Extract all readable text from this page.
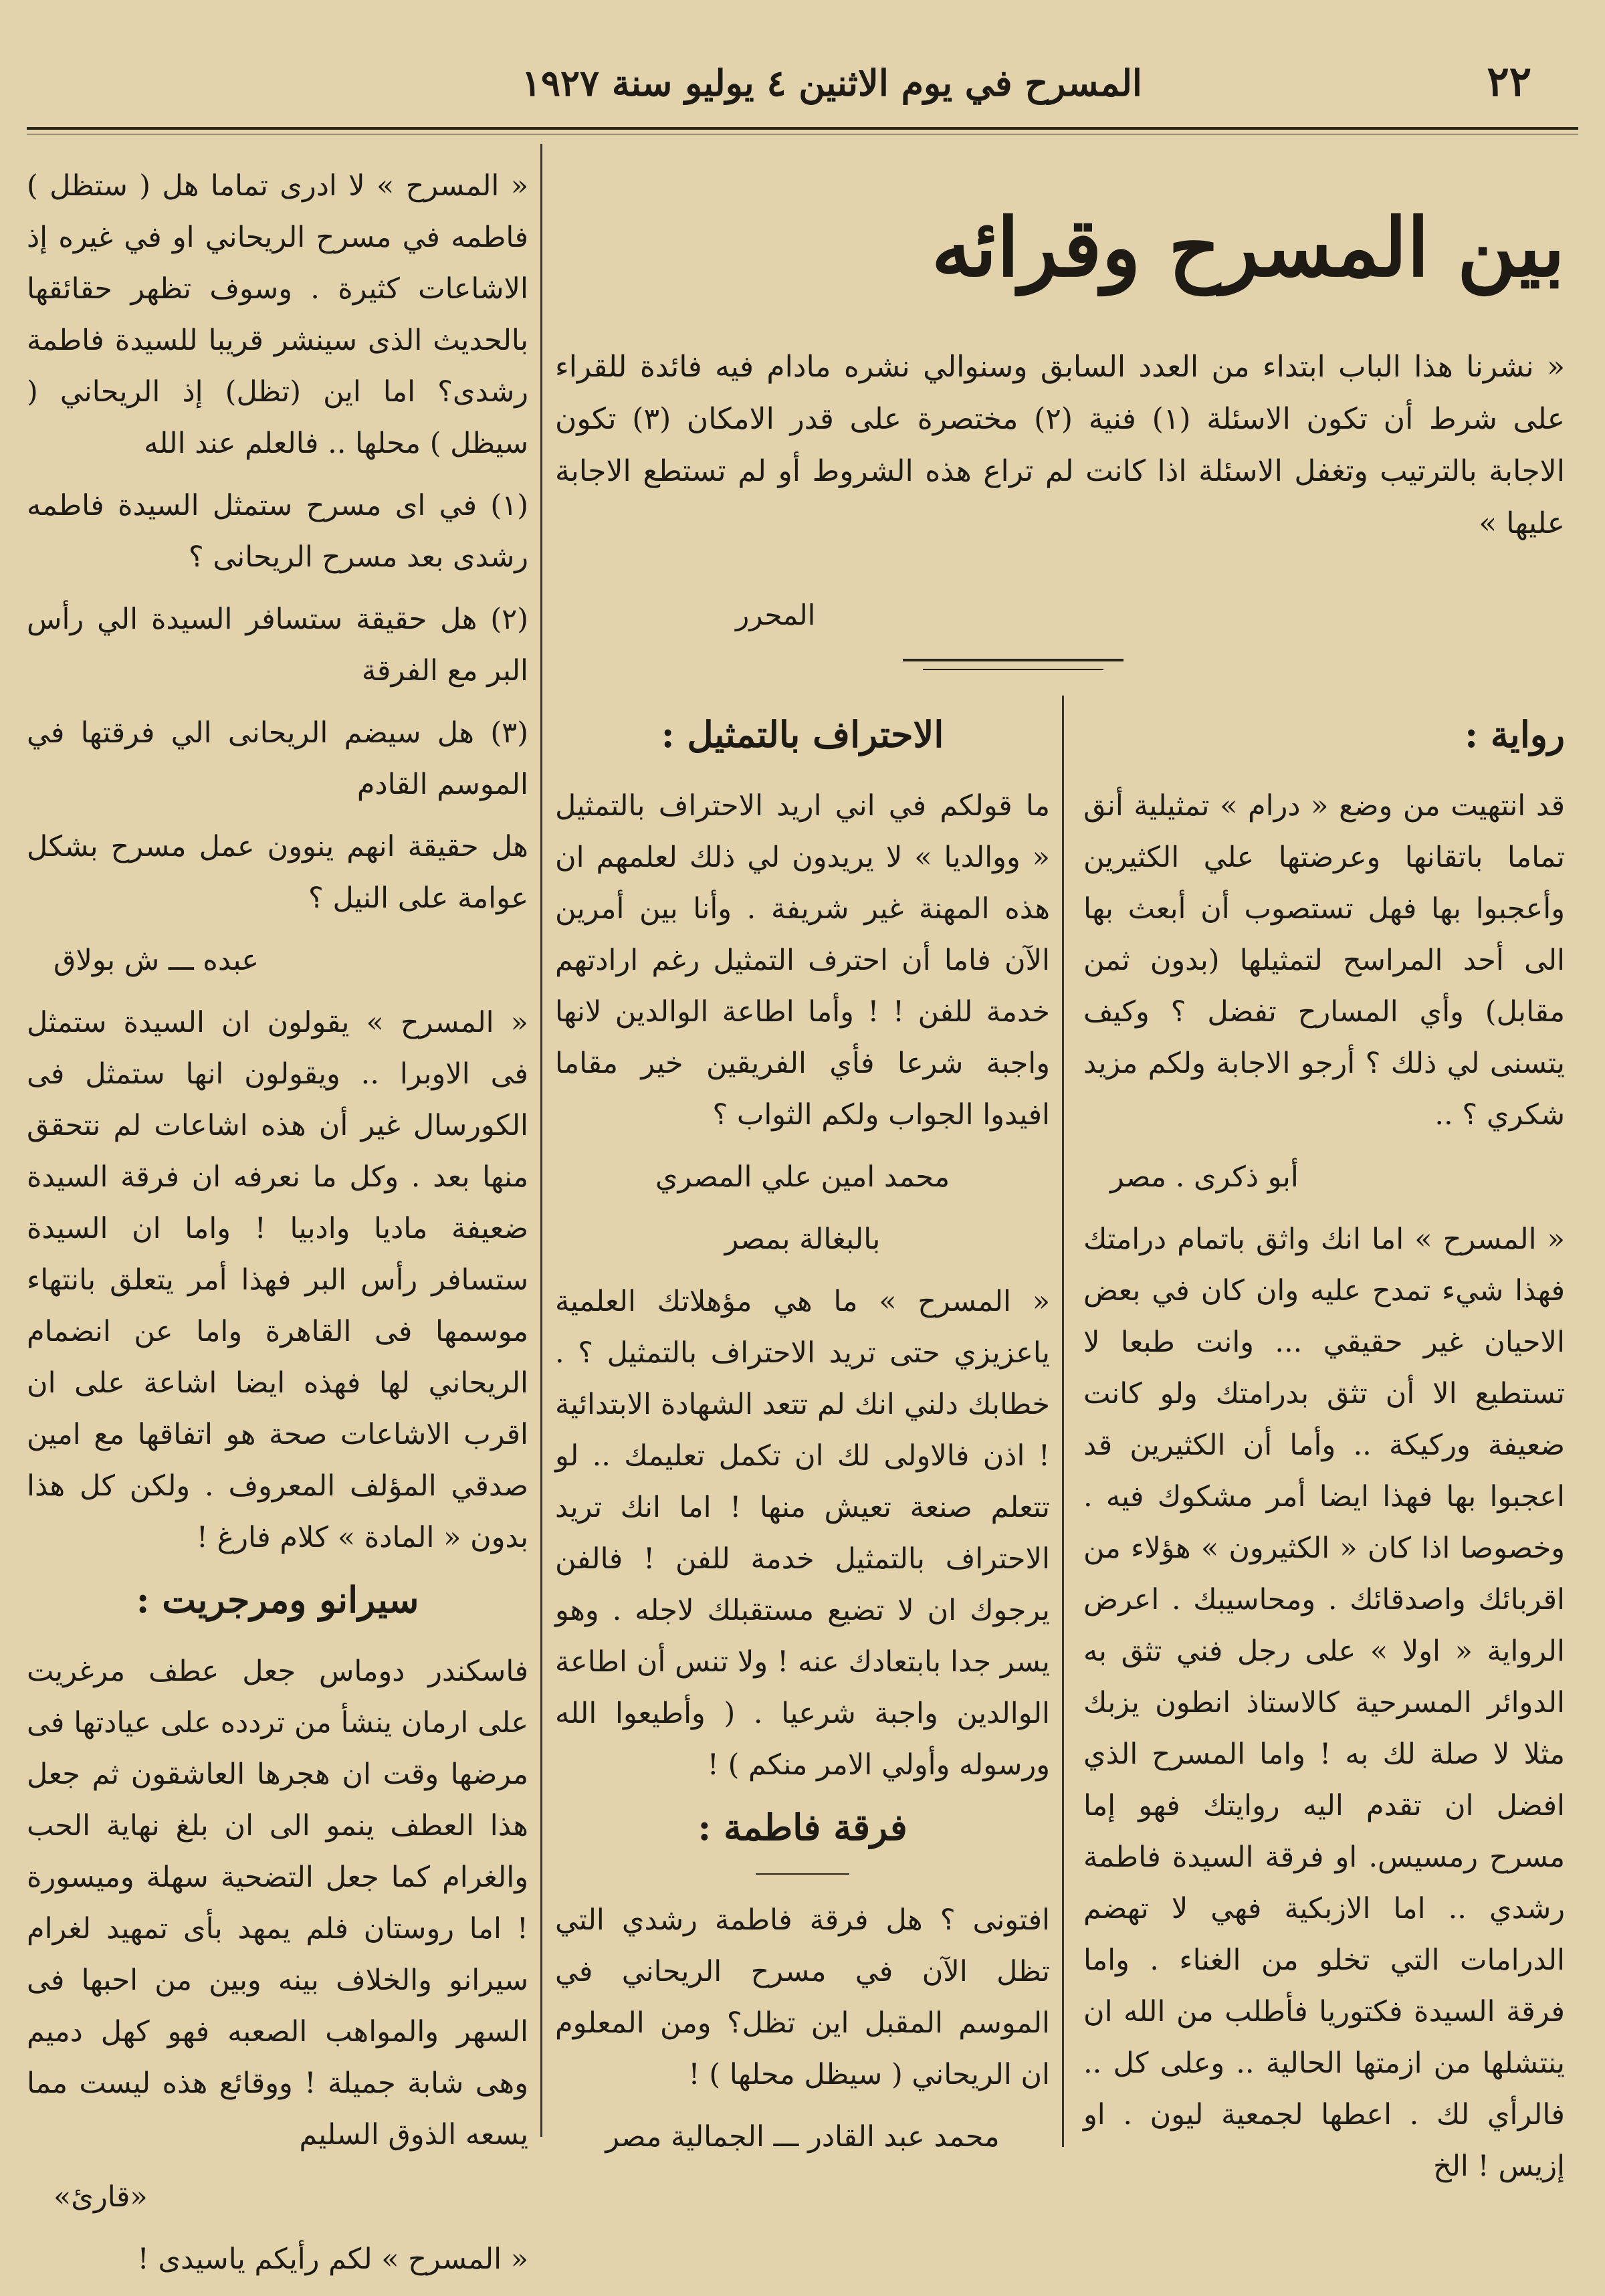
٢٢
المسرح في يوم الاثنين ٤ يوليو سنة ١٩٢٧
بين المسرح وقرائه
« نشرنا هذا الباب ابتداء من العدد السابق وسنوالي نشره مادام فيه فائدة للقراء على شرط أن تكون الاسئلة (١) فنية (٢) مختصرة على قدر الامكان (٣) تكون الاجابة بالترتيب وتغفل الاسئلة اذا كانت لم تراع هذه الشروط أو لم تستطع الاجابة عليها »
المحرر
رواية :

قد انتهيت من وضع « درام » تمثيلية أنق تماما باتقانها وعرضتها علي الكثيرين وأعجبوا بها فهل تستصوب أن أبعث بها الى أحد المراسح لتمثيلها (بدون ثمن مقابل) وأي المسارح تفضل ؟ وكيف يتسنى لي ذلك ؟ أرجو الاجابة ولكم مزيد شكري ؟ ..

أبو ذكرى . مصر

« المسرح » اما انك واثق باتمام درامتك فهذا شيء تمدح عليه وان كان في بعض الاحيان غير حقيقي ... وانت طبعا لا تستطيع الا أن تثق بدرامتك ولو كانت ضعيفة وركيكة .. وأما أن الكثيرين قد اعجبوا بها فهذا ايضا أمر مشكوك فيه . وخصوصا اذا كان « الكثيرون » هؤلاء من اقربائك واصدقائك . ومحاسيبك . اعرض الرواية « اولا » على رجل فني تثق به الدوائر المسرحية كالاستاذ انطون يزبك مثلا لا صلة لك به ! واما المسرح الذي افضل ان تقدم اليه روايتك فهو إما مسرح رمسيس. او فرقة السيدة فاطمة رشدي .. اما الازبكية فهي لا تهضم الدرامات التي تخلو من الغناء . واما فرقة السيدة فكتوريا فأطلب من الله ان ينتشلها من ازمتها الحالية .. وعلى كل .. فالرأي لك . اعطها لجمعية ليون . او إزيس ! الخ

الاحتراف بالتمثيل :

ما قولكم في اني اريد الاحتراف بالتمثيل « ووالديا » لا يريدون لي ذلك لعلمهم ان هذه المهنة غير شريفة . وأنا بين أمرين الآن فاما أن احترف التمثيل رغم ارادتهم خدمة للفن ! ! وأما اطاعة الوالدين لانها واجبة شرعا فأي الفريقين خير مقاما افيدوا الجواب ولكم الثواب ؟

محمد امين علي المصري

بالبغالة بمصر

« المسرح » ما هي مؤهلاتك العلمية ياعزيزي حتى تريد الاحتراف بالتمثيل ؟ . خطابك دلني انك لم تتعد الشهادة الابتدائية ! اذن فالاولى لك ان تكمل تعليمك .. لو تتعلم صنعة تعيش منها ! اما انك تريد الاحتراف بالتمثيل خدمة للفن ! فالفن يرجوك ان لا تضيع مستقبلك لاجله . وهو يسر جدا بابتعادك عنه ! ولا تنس أن اطاعة الوالدين واجبة شرعيا . ( وأطيعوا الله ورسوله وأولي الامر منكم ) !

فرقة فاطمة :

افتونى ؟ هل فرقة فاطمة رشدي التي تظل الآن في مسرح الريحاني في الموسم المقبل اين تظل؟ ومن المعلوم ان الريحاني ( سيظل محلها ) !

محمد عبد القادر ـــ الجمالية مصر

« المسرح » لا ادرى تماما هل ( ستظل ) فاطمه في مسرح الريحاني او في غيره إذ الاشاعات كثيرة . وسوف تظهر حقائقها بالحديث الذى سينشر قريبا للسيدة فاطمة رشدى؟ اما اين (تظل) إذ الريحاني ( سيظل ) محلها .. فالعلم عند الله

(١) في اى مسرح ستمثل السيدة فاطمه رشدى بعد مسرح الريحانى ؟

(٢) هل حقيقة ستسافر السيدة الي رأس البر مع الفرقة

(٣) هل سيضم الريحانى الي فرقتها في الموسم القادم

هل حقيقة انهم ينوون عمل مسرح بشكل عوامة على النيل ؟

عبده ـــ ش بولاق

« المسرح » يقولون ان السيدة ستمثل فى الاوبرا .. ويقولون انها ستمثل فى الكورسال غير أن هذه اشاعات لم نتحقق منها بعد . وكل ما نعرفه ان فرقة السيدة ضعيفة ماديا وادبيا ! واما ان السيدة ستسافر رأس البر فهذا أمر يتعلق بانتهاء موسمها فى القاهرة واما عن انضمام الريحاني لها فهذه ايضا اشاعة على ان اقرب الاشاعات صحة هو اتفاقها مع امين صدقي المؤلف المعروف . ولكن كل هذا بدون « المادة » كلام فارغ !

سيرانو ومرجريت :

فاسكندر دوماس جعل عطف مرغريت على ارمان ينشأ من تردده على عيادتها فى مرضها وقت ان هجرها العاشقون ثم جعل هذا العطف ينمو الى ان بلغ نهاية الحب والغرام كما جعل التضحية سهلة وميسورة ! اما روستان فلم يمهد بأى تمهيد لغرام سيرانو والخلاف بينه وبين من احبها فى السهر والمواهب الصعبه فهو كهل دميم وهى شابة جميلة ! ووقائع هذه ليست مما يسعه الذوق السليم

«قارئ»

« المسرح » لكم رأيكم ياسيدى !
